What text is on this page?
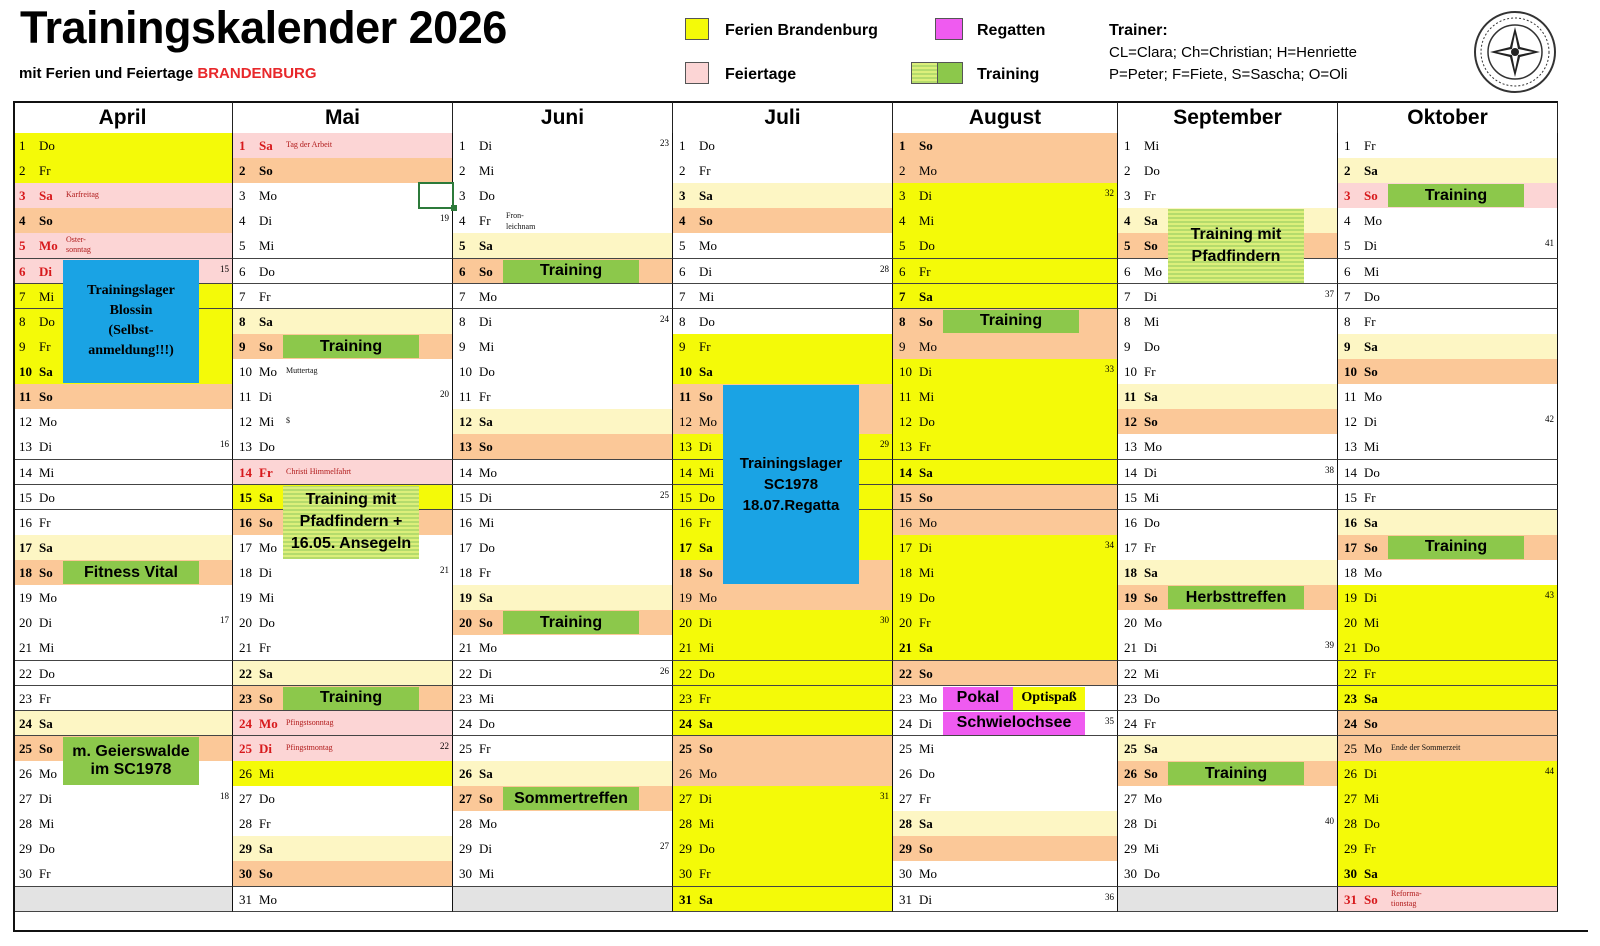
Trainingskalender 2026
mit Ferien und Feiertage BRANDENBURG
Ferien Brandenburg	Regatten
Feiertage	Training
Trainer:
CL=Clara; Ch=Christian; H=Henriette
P=Peter; F=Fiete, S=Sascha; O=Oli
April
1 Do
2 Fr
3 Sa Karfreitag
4 So
5 Mo Oster-
sonntag
6 Di	15
7 Mi
8 Do
9 Fr
10 Sa
11 So
12 Mo
13 Di	16
14 Mi
15 Do
16 Fr
17 Sa
18 So
19 Mo
20 Di	17
21 Mi
22 Do
23 Fr
24 Sa
25 So
26 Mo
27 Di	18
28 Mi
29 Do
30 Fr
Mai
1 Sa Tag der Arbeit
2 So
3 Mo
4 Di	19
5 Mi
6 Do
7 Fr
8 Sa
9 So
10 Mo Muttertag
11 Di	20
12 Mi $
13 Do
14 Fr Christi Himmelfahrt
15 Sa
16 So
17 Mo
18 Di	21
19 Mi
20 Do
21 Fr
22 Sa
23 So
24 Mo Pfingstsonntag
25 Di	22
Pfingstmontag
26 Mi
27 Do
28 Fr
29 Sa
30 So
31 Mo
Juni
1 Di	23
2 Mi
3 Do
4 Fr Fron-
leichnam
5 Sa
6 So
7 Mo
8 Di	24
9 Mi
10 Do
11 Fr
12 Sa
13 So
14 Mo
15 Di	25
16 Mi
17 Do
18 Fr
19 Sa
20 So
21 Mo
22 Di	26
23 Mi
24 Do
25 Fr
26 Sa
27 So
28 Mo
29 Di	27
30 Mi
Juli
1 Do
2 Fr
3 Sa
4 So
5 Mo
6 Di	28
7 Mi
8 Do
9 Fr
10 Sa
11 So
12 Mo
13 Di	29
14 Mi
15 Do
16 Fr
17 Sa
18 So
19 Mo
20 Di	30
21 Mi
22 Do
23 Fr
24 Sa
25 So
26 Mo
27 Di	31
28 Mi
29 Do
30 Fr
31 Sa
August
1 So
2 Mo
3 Di	32
4 Mi
5 Do
6 Fr
7 Sa
8 So
9 Mo
10 Di	33
11 Mi
12 Do
13 Fr
14 Sa
15 So
16 Mo
17 Di	34
18 Mi
19 Do
20 Fr
21 Sa
22 So
23 Mo
24 Di	35
25 Mi
26 Do
27 Fr
28 Sa
29 So
30 Mo
31 Di	36
September
1 Mi
2 Do
3 Fr
4 Sa
5 So
6 Mo
7 Di	37
8 Mi
9 Do
10 Fr
11 Sa
12 So
13 Mo
14 Di	38
15 Mi
16 Do
17 Fr
18 Sa
19 So
20 Mo
21 Di	39
22 Mi
23 Do
24 Fr
25 Sa
26 So
27 Mo
28 Di	40
29 Mi
30 Do
Oktober
1 Fr
2 Sa
3 So
4 Mo
5 Di	41
6 Mi
7 Do
8 Fr
9 Sa
10 So
11 Mo
12 Di	42
13 Mi
14 Do
15 Fr
16 Sa
17 So
18 Mo
19 Di	43
20 Mi
21 Do
22 Fr
23 Sa
24 So
25 Mo Ende der Sommerzeit
26 Di	44
27 Mi
28 Do
29 Fr
30 Sa
31 So Reforma-
tionstag
Trainingslager
Blossin
(Selbst-
anmeldung!!!)
Fitness Vital
m. Geierswalde
im SC1978
Training
Training mit
Pfadfindern +
16.05. Ansegeln
Training
Training
Training
Sommertreffen
Trainingslager
SC1978
18.07.Regatta
Training
Pokal	Optispaß
Schwielochsee
Training mit
Pfadfindern
Herbsttreffen
Training
Training
Training
